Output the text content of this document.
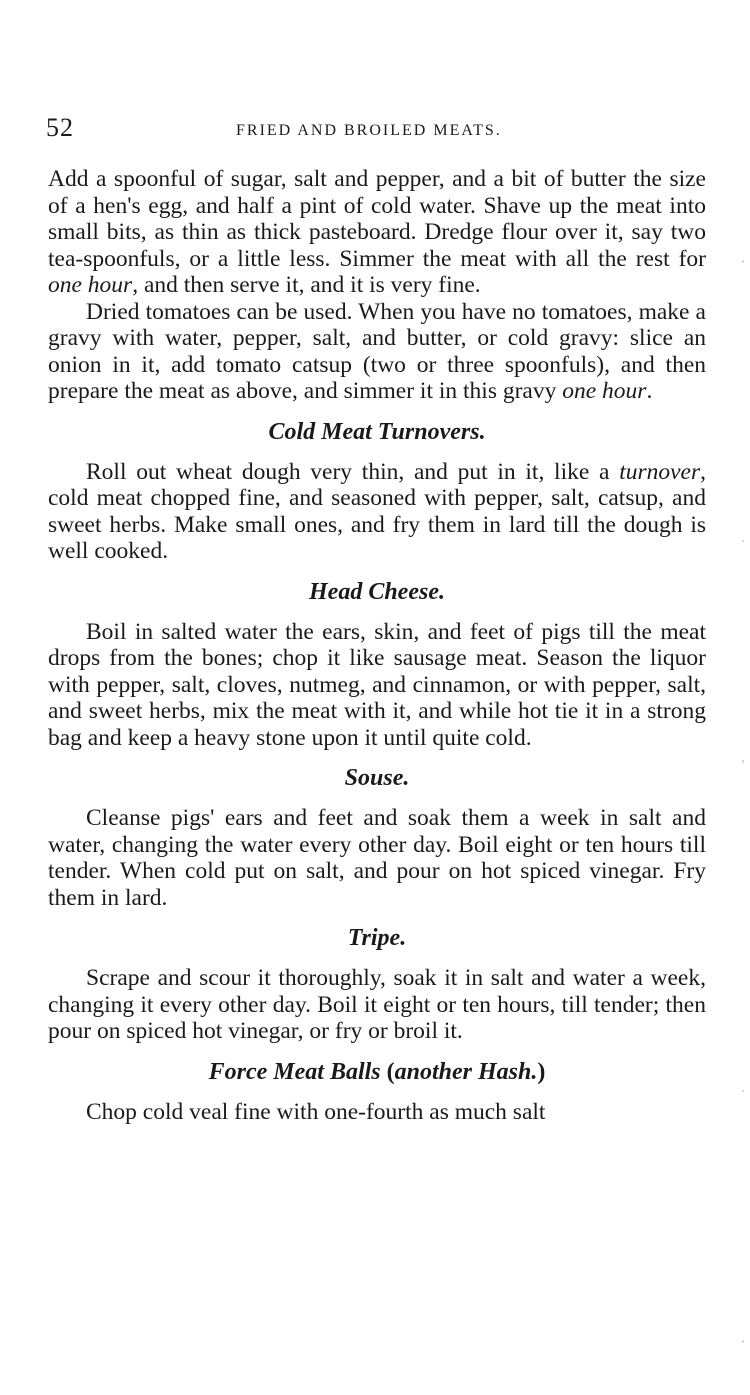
52	FRIED AND BROILED MEATS.

Add a spoonful of sugar, salt and pepper, and a bit of butter the size of a hen's egg, and half a pint of cold water. Shave up the meat into small bits, as thin as thick pasteboard. Dredge flour over it, say two tea-spoonfuls, or a little less. Simmer the meat with all the rest for one hour, and then serve it, and it is very fine.

Dried tomatoes can be used. When you have no tomatoes, make a gravy with water, pepper, salt, and butter, or cold gravy: slice an onion in it, add tomato catsup (two or three spoonfuls), and then prepare the meat as above, and simmer it in this gravy one hour.

Cold Meat Turnovers.

Roll out wheat dough very thin, and put in it, like a turnover, cold meat chopped fine, and seasoned with pepper, salt, catsup, and sweet herbs. Make small ones, and fry them in lard till the dough is well cooked.

Head Cheese.

Boil in salted water the ears, skin, and feet of pigs till the meat drops from the bones; chop it like sausage meat. Season the liquor with pepper, salt, cloves, nutmeg, and cinnamon, or with pepper, salt, and sweet herbs, mix the meat with it, and while hot tie it in a strong bag and keep a heavy stone upon it until quite cold.

Souse.

Cleanse pigs' ears and feet and soak them a week in salt and water, changing the water every other day. Boil eight or ten hours till tender. When cold put on salt, and pour on hot spiced vinegar. Fry them in lard.

Tripe.

Scrape and scour it thoroughly, soak it in salt and water a week, changing it every other day. Boil it eight or ten hours, till tender; then pour on spiced hot vinegar, or fry or broil it.

Force Meat Balls (another Hash.)

Chop cold veal fine with one-fourth as much salt
